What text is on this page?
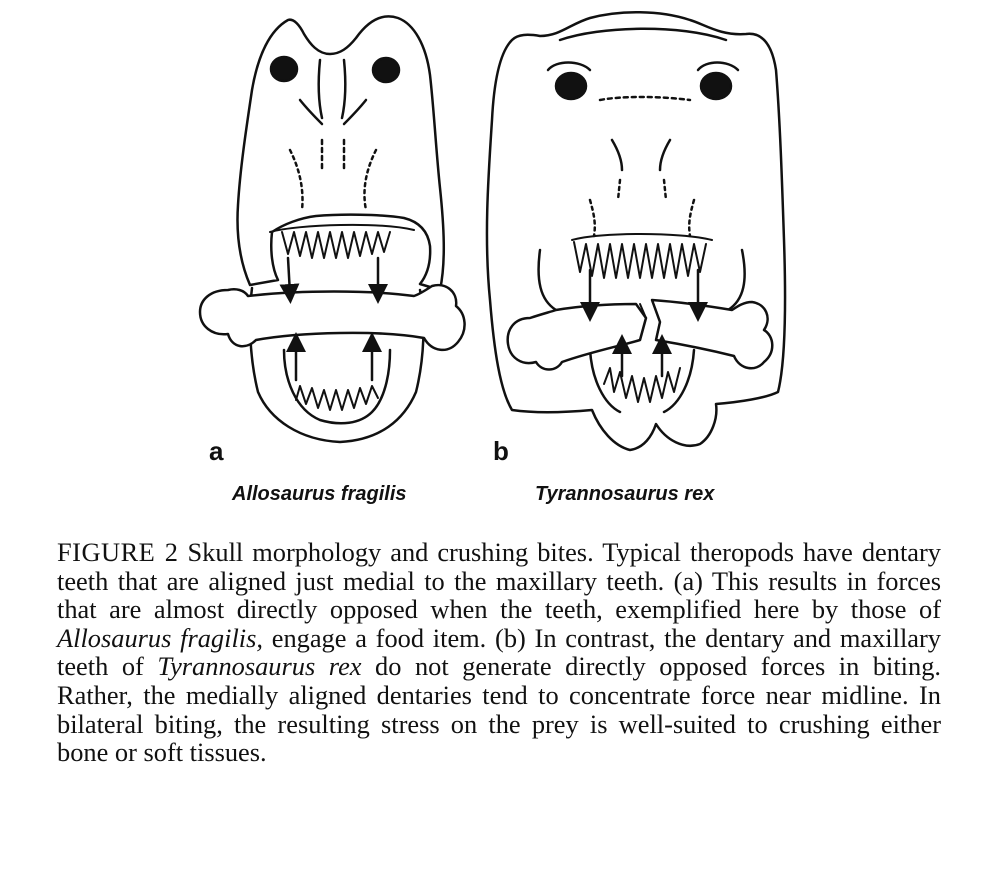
a	b
Allosaurus fragilis	Tyrannosaurus rex

FIGURE 2 Skull morphology and crushing bites. Typical theropods have dentary teeth that are aligned just medial to the maxillary teeth. (a) This results in forces that are almost directly opposed when the teeth, exemplified here by those of Allosaurus fragilis, engage a food item. (b) In contrast, the dentary and maxillary teeth of Tyrannosaurus rex do not generate directly opposed forces in biting. Rather, the medially aligned dentaries tend to concentrate force near midline. In bilateral biting, the resulting stress on the prey is well-suited to crushing either bone or soft tissues.
